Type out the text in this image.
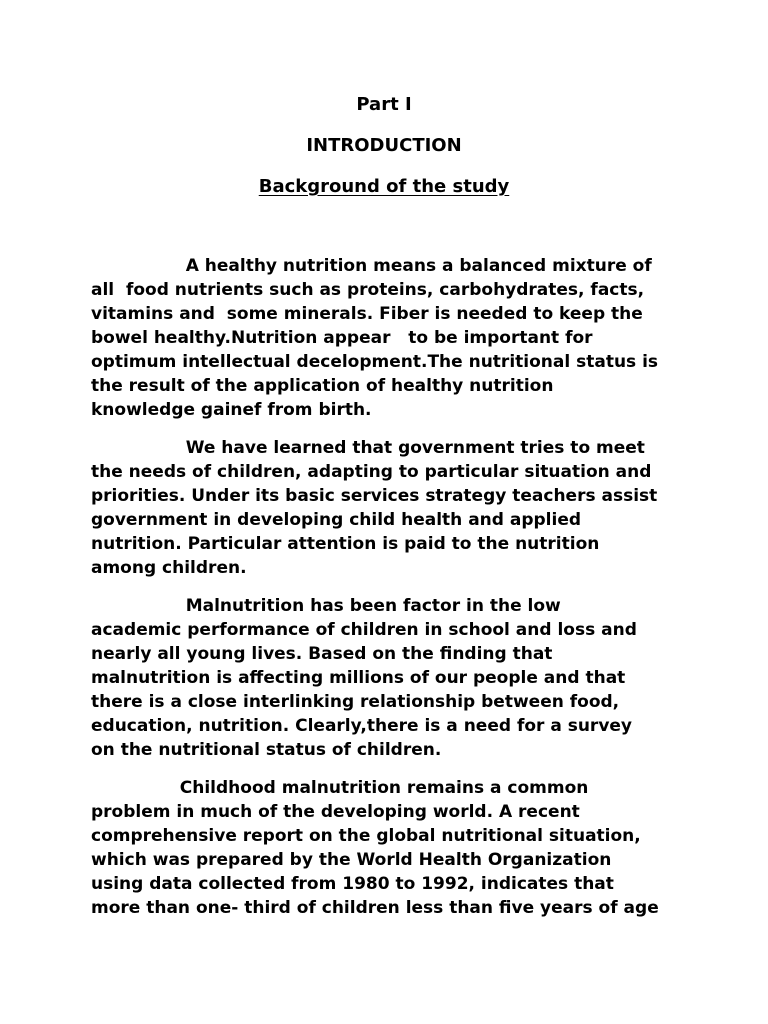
Part I
INTRODUCTION
Background of the study
A healthy nutrition means a balanced mixture of
all  food nutrients such as proteins, carbohydrates, facts,
vitamins and  some minerals. Fiber is needed to keep the
bowel healthy.Nutrition appear   to be important for
optimum intellectual decelopment.The nutritional status is
the result of the application of healthy nutrition
knowledge gainef from birth.
We have learned that government tries to meet
the needs of children, adapting to particular situation and
priorities. Under its basic services strategy teachers assist
government in developing child health and applied
nutrition. Particular attention is paid to the nutrition
among children.
Malnutrition has been factor in the low
academic performance of children in school and loss and
nearly all young lives. Based on the finding that
malnutrition is affecting millions of our people and that
there is a close interlinking relationship between food,
education, nutrition. Clearly,there is a need for a survey
on the nutritional status of children.
Childhood malnutrition remains a common
problem in much of the developing world. A recent
comprehensive report on the global nutritional situation,
which was prepared by the World Health Organization
using data collected from 1980 to 1992, indicates that
more than one- third of children less than five years of age
